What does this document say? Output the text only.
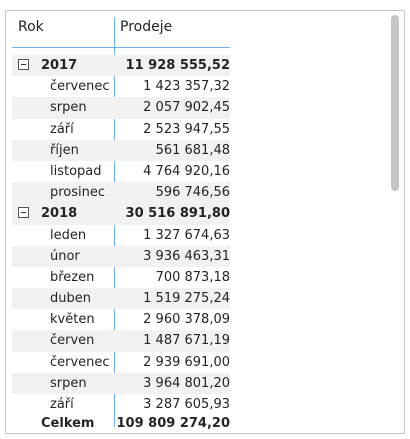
Rok	Prodeje
2017	11 928 555,52
červenec	1 423 357,32
srpen	2 057 902,45
září	2 523 947,55
říjen	561 681,48
listopad	4 764 920,16
prosinec	596 746,56
2018	30 516 891,80
leden	1 327 674,63
únor	3 936 463,31
březen	700 873,18
duben	1 519 275,24
květen	2 960 378,09
červen	1 487 671,19
červenec	2 939 691,00
srpen	3 964 801,20
září	3 287 605,93
Celkem 109 809 274,20
